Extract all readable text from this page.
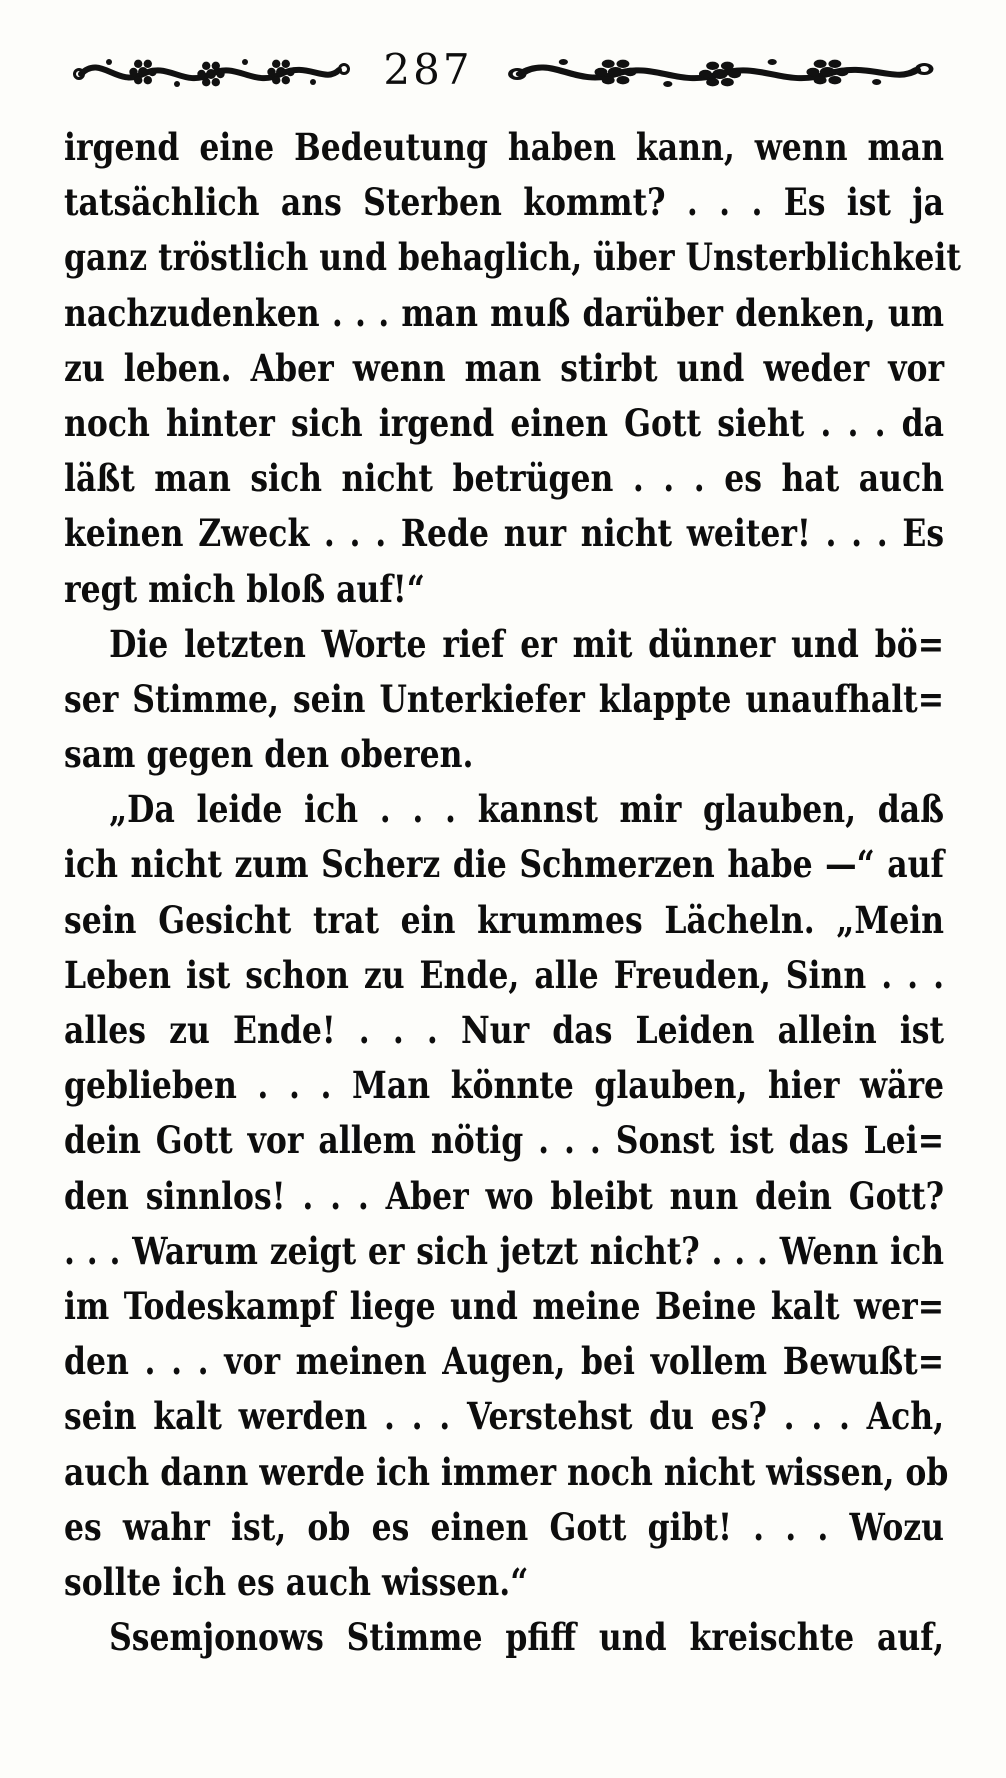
287
irgend eine Bedeutung haben kann, wenn man
tatsächlich ans Sterben kommt? . . . Es ist ja
ganz tröstlich und behaglich, über Unsterblichkeit
nachzudenken . . . man muß darüber denken, um
zu leben. Aber wenn man stirbt und weder vor
noch hinter sich irgend einen Gott sieht . . . da
läßt man sich nicht betrügen . . . es hat auch
keinen Zweck . . . Rede nur nicht weiter! . . . Es
regt mich bloß auf!“
Die letzten Worte rief er mit dünner und bö=
ser Stimme, sein Unterkiefer klappte unaufhalt=
sam gegen den oberen.
„Da leide ich . . . kannst mir glauben, daß
ich nicht zum Scherz die Schmerzen habe —“ auf
sein Gesicht trat ein krummes Lächeln. „Mein
Leben ist schon zu Ende, alle Freuden, Sinn . . .
alles zu Ende! . . . Nur das Leiden allein ist
geblieben . . . Man könnte glauben, hier wäre
dein Gott vor allem nötig . . . Sonst ist das Lei=
den sinnlos! . . . Aber wo bleibt nun dein Gott?
. . . Warum zeigt er sich jetzt nicht? . . . Wenn ich
im Todeskampf liege und meine Beine kalt wer=
den . . . vor meinen Augen, bei vollem Bewußt=
sein kalt werden . . . Verstehst du es? . . . Ach,
auch dann werde ich immer noch nicht wissen, ob
es wahr ist, ob es einen Gott gibt! . . . Wozu
sollte ich es auch wissen.“
Ssemjonows Stimme pfiff und kreischte auf,
